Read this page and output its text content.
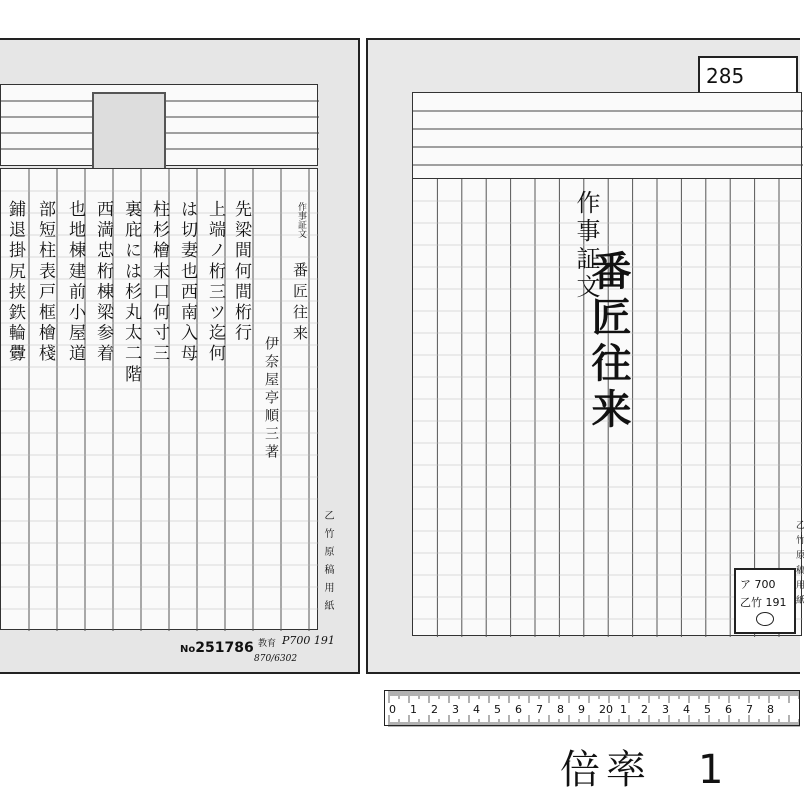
先梁間何間桁行
上端ノ桁三ツ迄何
は切妻也西南入母
柱杉檜末口何寸三
裏庇には杉丸太二階
西満忠桁棟梁参着
也地棟建前小屋道
部短柱表戸框檜棧
鋪退掛尻挟鉄輪釁	作事証文
番匠往来
伊奈屋亭順三著
乙竹原稿用紙
No251786 教育 P700 191
870/6302
285
作事証文
番匠往来
ア 700
乙竹 191 乙竹原稿用紙
0 1 2 3 4 5 6 7 8 9 20 1 2 3 4 5 6 7 8
倍率　1
